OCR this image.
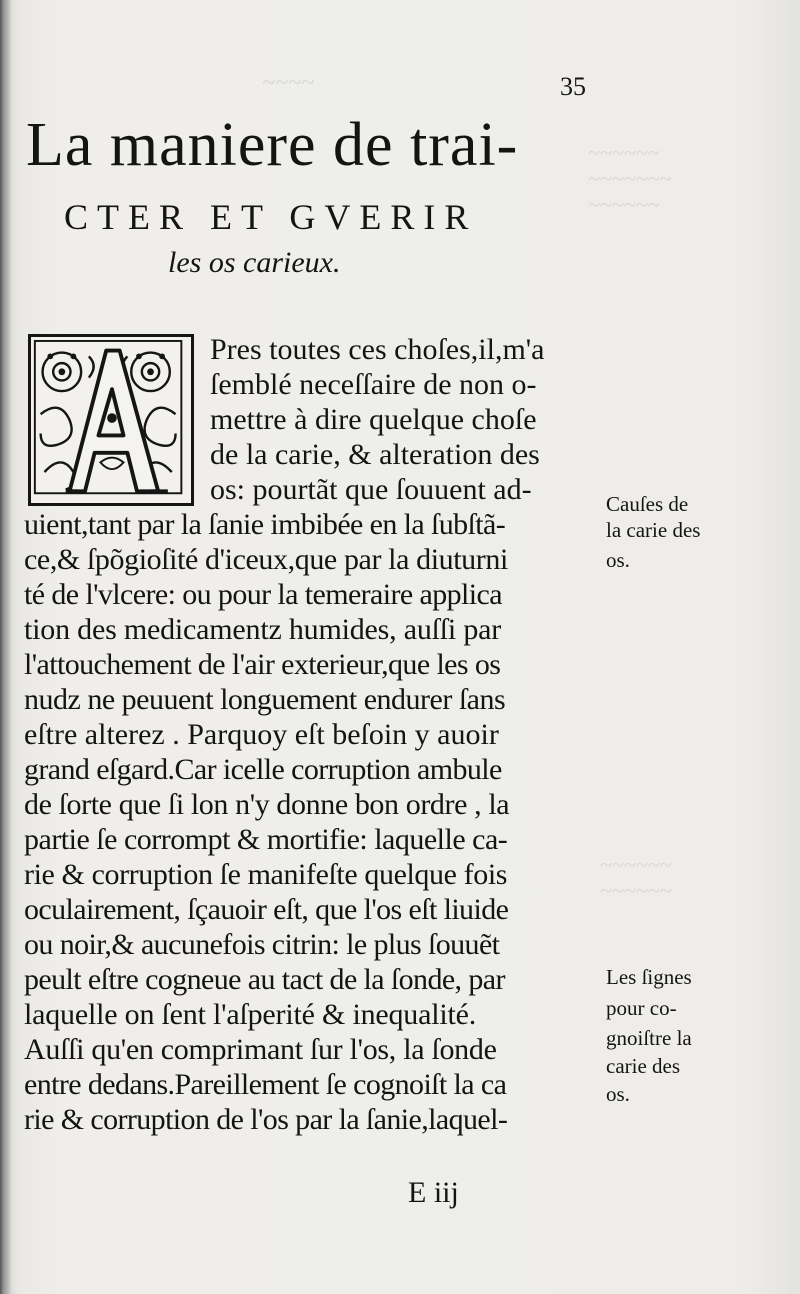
~~~~
~~~~~~
~~~~~~~
~~~~~~
~~~~~~
~~~~~~
35
La maniere de trai-
CTER ET GVERIR
les os carieux.
Pres toutes ces choſes,il,m'a
ſemblé neceſſaire de non o-
mettre à dire quelque choſe
de la carie, & alteration des
os: pourtãt que ſouuent ad-
uient,tant par la ſanie imbibée en la ſubſtã-
ce,& ſpõgioſité d'iceux,que par la diuturni
té de l'vlcere: ou pour la temeraire applica
tion des medicamentz humides, auſſi par
l'attouchement de l'air exterieur,que les os
nudz ne peuuent longuement endurer ſans
eſtre alterez . Parquoy eſt beſoin y auoir
grand eſgard.Car icelle corruption ambule
de ſorte que ſi lon n'y donne bon ordre , la
partie ſe corrompt & mortifie: laquelle ca-
rie & corruption ſe manifeſte quelque fois
oculairement, ſçauoir eſt, que l'os eſt liuide
ou noir,& aucunefois citrin: le plus ſouuẽt
peult eſtre cogneue au tact de la ſonde, par
laquelle on ſent l'aſperité & inequalité.
Auſſi qu'en comprimant ſur l'os, la ſonde
entre dedans.Pareillement ſe cognoiſt la ca
rie & corruption de l'os par la ſanie,laquel-
Cauſes de
la carie des
os.
Les ſignes
pour co-
gnoiſtre la
carie des
os.
E iij
